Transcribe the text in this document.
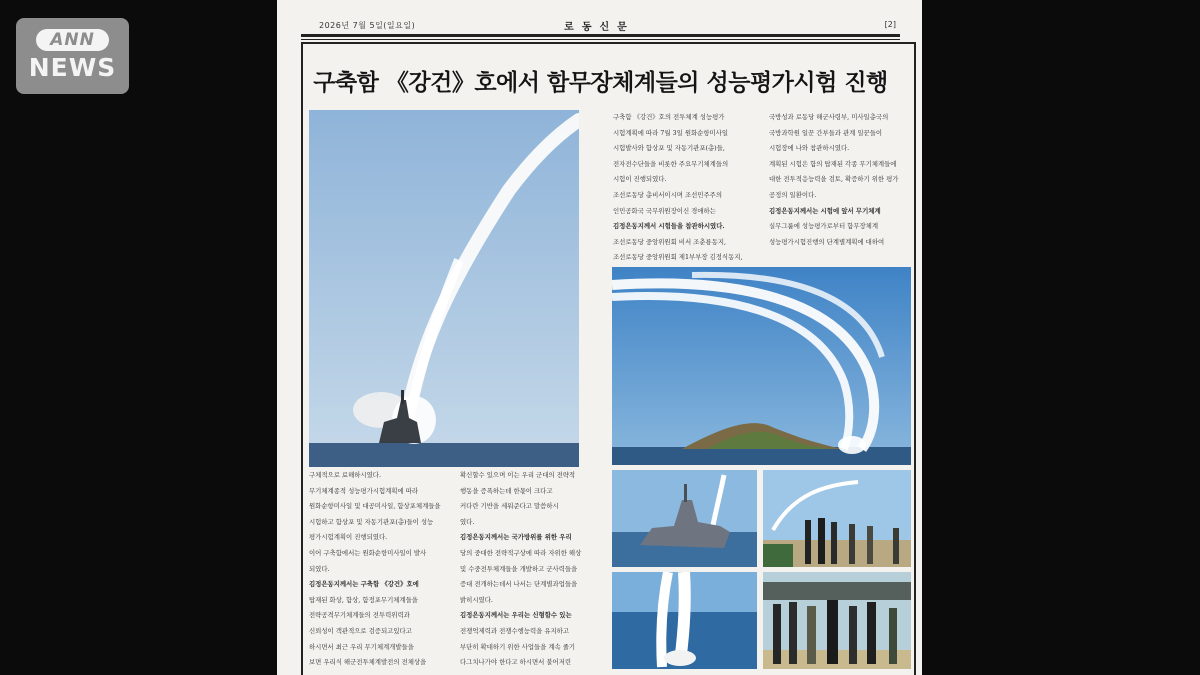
ANN
NEWS
2026년 7월 5일(일요일)	로동신문	[2]
구축함 《강건》호에서 함무장체계들의 성능평가시험 진행

구축함 《강건》호의 전투체계 성능평가

시험계획에 따라 7월 3일 원화순항미사일

시험발사와 함상포 및 자동기관포(총)들,

전자전수단들을 비롯한 주요무기체계들의

시험이 진행되였다.

조선로동당 총비서이시며 조선민주주의

인민공화국 국무위원장이신 경애하는

김정은동지께서 시험들을 참관하시였다.

조선로동당 중앙위원회 비서 조춘룡동지,

조선로동당 중앙위원회 제1부부장 김정식동지,

국방성과 로동당 해군사령부, 미사일총국의

국방과학원 일꾼 간부들과 관계 일꾼들이

시험장에 나와 참관하시였다.

계획된 시험은 함의 탑재된 각종 무기체계들에

대한 전투적응능력을 검토, 확증하기 위한 평가

공정의 일환이다.

김정은동지께서는 시험에 앞서 무기체계

실무그룹에 성능평가로부터 함무장체계

성능평가시험진행의 단계별계획에 대하여

구체적으로 료해하시였다.

무기체계종적 성능평가시험계획에 따라

원화순항미사일 및 대공미사일, 함상포체계들을

시험하고 함상포 및 자동기관포(총)들이 성능

평가시험계획이 진행되였다.

이어 구축함에서는 원화순항미사일이 발사

되였다.

김정은동지께서는 구축함 《강건》호에

탑재된 화상, 함상, 함정포무기체계들을

전략공격무기체계들의 전투력위력과

신뢰성이 객관적으로 검증되고있다고

하시면서 최근 우리 무기체계개발들을

보면 우리식 해군전투체계발전의 전체상을

확신할수 있으며 이는 우리 군대의 전략적

행동을 증폭하는데 한몫이 크다고

커다란 기반을 세워준다고 말씀하시

였다.

김정은동지께서는 국가방위를 위한 우리

당의 중대한 전략적구상에 따라 자위한 해상

및 수중전투체계들을 개발하고 군사력들을

증대 전개하는데서 나서는 단계별과업들을

밝히시였다.

김정은동지께서는 우리는 신형함수 있는

전쟁억제력과 전쟁수행능력을 유지하고

부단히 확대하기 위한 사업들을 계속 줄기

다그치나가야 한다고 하시면서 불어저린
